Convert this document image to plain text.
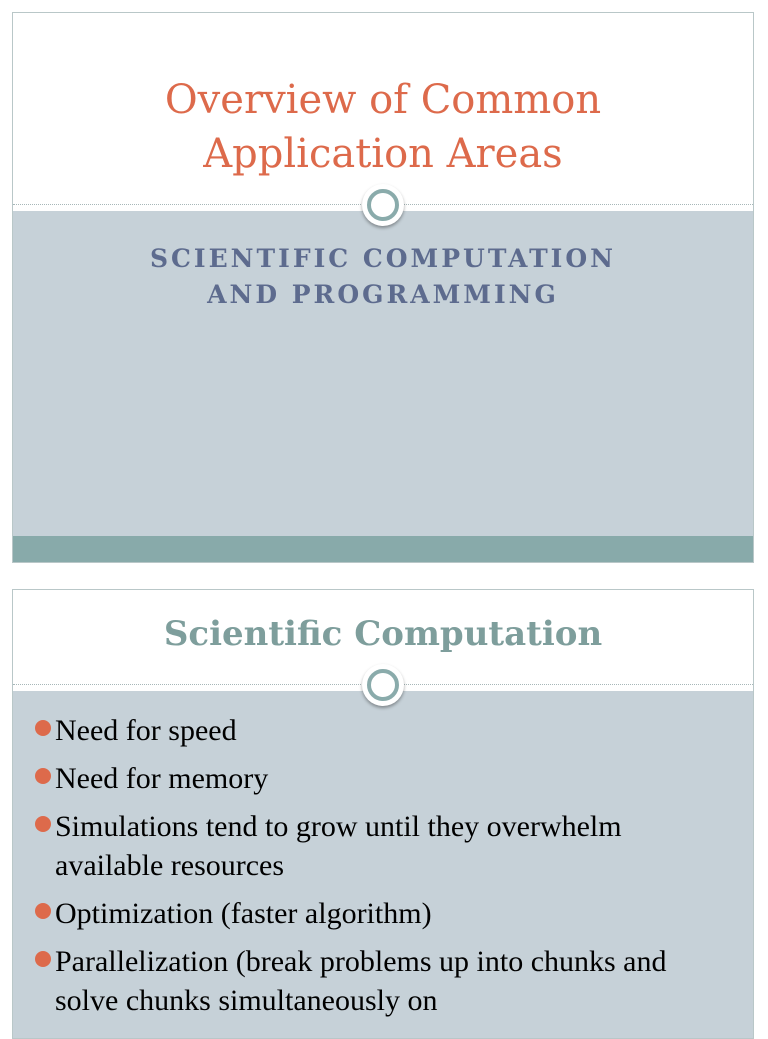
Overview of Common
Application Areas

SCIENTIFIC COMPUTATION
AND PROGRAMMING

Scientific Computation
Need for speed
Need for memory
Simulations tend to grow until they overwhelm available resources
Optimization (faster algorithm)
Parallelization (break problems up into chunks and solve chunks simultaneously on
